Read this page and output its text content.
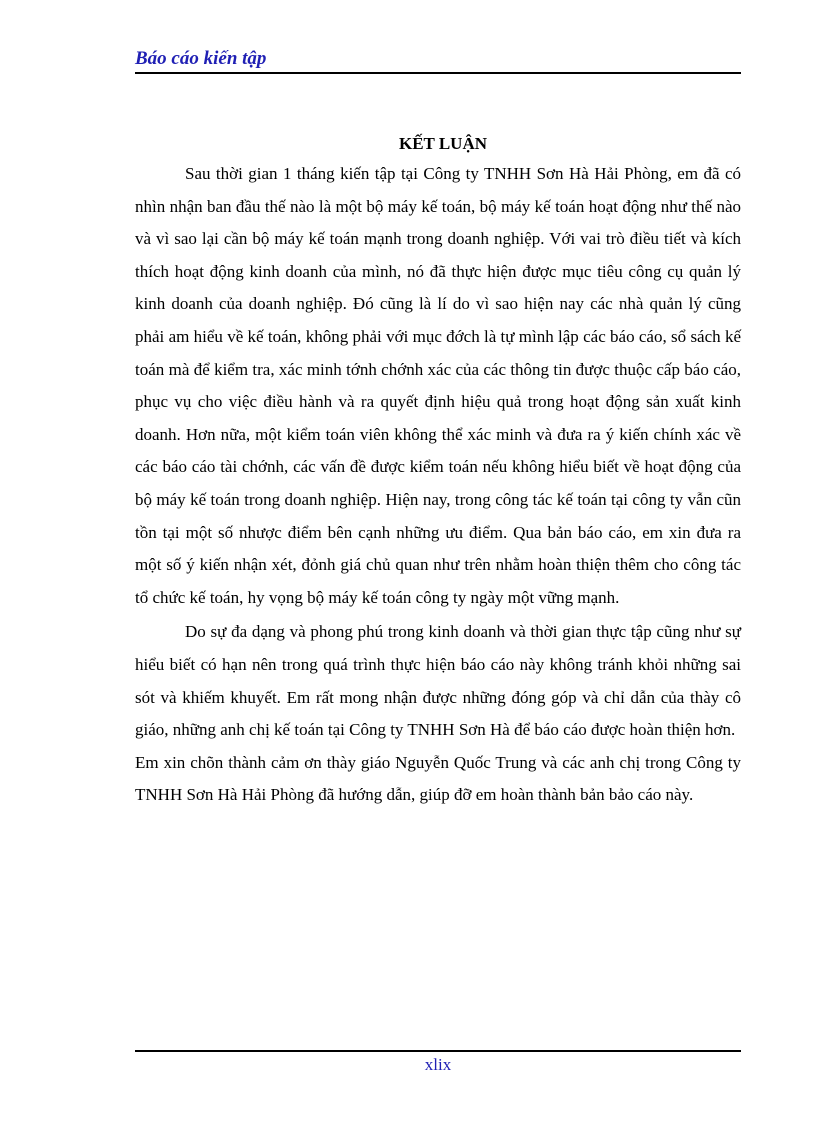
Báo cáo kiến tập
KẾT LUẬN

Sau thời gian 1 tháng kiến tập tại Công ty TNHH Sơn Hà Hải Phòng, em đã có nhìn nhận ban đầu thế nào là một bộ máy kế toán, bộ máy kế toán hoạt động như thế nào và vì sao lại cần bộ máy kế toán mạnh trong doanh nghiệp. Với vai trò điều tiết và kích thích hoạt động kinh doanh của mình, nó đã thực hiện được mục tiêu công cụ quản lý kinh doanh của doanh nghiệp. Đó cũng là lí do vì sao hiện nay các nhà quản lý cũng phải am hiểu về kế toán, không phải với mục đớch là tự mình lập các báo cáo, sổ sách kế toán mà để kiểm tra, xác minh tớnh chớnh xác của các thông tin được thuộc cấp báo cáo, phục vụ cho việc điều hành và ra quyết định hiệu quả trong hoạt động sản xuất kinh doanh. Hơn nữa, một kiểm toán viên không thể xác minh và đưa ra ý kiến chính xác về các báo cáo tài chớnh, các vấn đề được kiểm toán nếu không hiểu biết về hoạt động của bộ máy kế toán trong doanh nghiệp. Hiện nay, trong công tác kế toán tại công ty vẫn cũn tồn tại một số nhược điểm bên cạnh những ưu điểm. Qua bản báo cáo, em xin đưa ra một số ý kiến nhận xét, đỏnh giá chủ quan như trên nhằm hoàn thiện thêm cho công tác tổ chức kế toán, hy vọng bộ máy kế toán công ty ngày một vững mạnh.

Do sự đa dạng và phong phú trong kinh doanh và thời gian thực tập cũng như sự hiểu biết có hạn nên trong quá trình thực hiện báo cáo này không tránh khỏi những sai sót và khiếm khuyết. Em rất mong nhận được những đóng góp và chỉ dẫn của thày cô giáo, những anh chị kế toán tại Công ty TNHH Sơn Hà để báo cáo được hoàn thiện hơn.

Em xin chõn thành cảm ơn thày giáo Nguyễn Quốc Trung và các anh chị trong Công ty TNHH Sơn Hà Hải Phòng đã hướng dẫn, giúp đỡ em hoàn thành bản bảo cáo này.

xlix
